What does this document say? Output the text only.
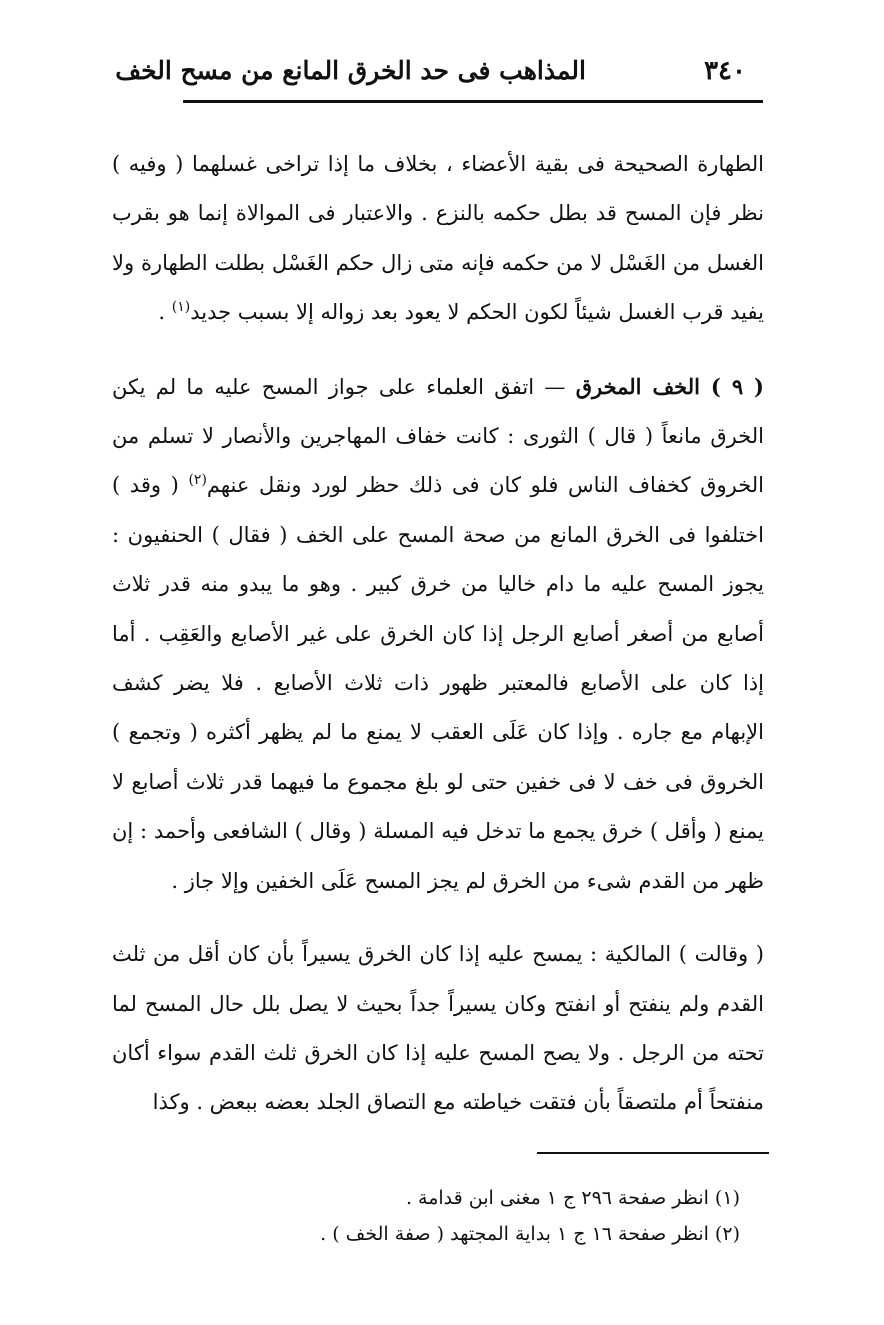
٣٤٠
المذاهب فى حد الخرق المانع من مسح الخف

الطهارة الصحيحة فى بقية الأعضاء ، بخلاف ما إذا تراخى غسلهما ( وفيه ) نظر فإن المسح قد بطل حكمه بالنزع . والاعتبار فى الموالاة إنما هو بقرب الغسل من الغَسْل لا من حكمه فإنه متى زال حكم الغَسْل بطلت الطهارة ولا يفيد قرب الغسل شيئاً لكون الحكم لا يعود بعد زواله إلا بسبب جديد$^{(١)}$ .

( ٩ ) الخف المخرق — اتفق العلماء على جواز المسح عليه ما لم يكن الخرق مانعاً ( قال ) الثورى : كانت خفاف المهاجرين والأنصار لا تسلم من الخروق كخفاف الناس فلو كان فى ذلك حظر لورد ونقل عنهم$^{(٢)}$ ( وقد ) اختلفوا فى الخرق المانع من صحة المسح على الخف ( فقال ) الحنفيون : يجوز المسح عليه ما دام خاليا من خرق كبير . وهو ما يبدو منه قدر ثلاث أصابع من أصغر أصابع الرجل إذا كان الخرق على غير الأصابع والعَقِب . أما إذا كان على الأصابع فالمعتبر ظهور ذات ثلاث الأصابع . فلا يضر كشف الإبهام مع جاره . وإذا كان عَلَى العقب لا يمنع ما لم يظهر أكثره ( وتجمع ) الخروق فى خف لا فى خفين حتى لو بلغ مجموع ما فيهما قدر ثلاث أصابع لا يمنع ( وأقل ) خرق يجمع ما تدخل فيه المسلة ( وقال ) الشافعى وأحمد : إن ظهر من القدم شىء من الخرق لم يجز المسح عَلَى الخفين وإلا جاز .

( وقالت ) المالكية : يمسح عليه إذا كان الخرق يسيراً بأن كان أقل من ثلث القدم ولم ينفتح أو انفتح وكان يسيراً جداً بحيث لا يصل بلل حال المسح لما تحته من الرجل . ولا يصح المسح عليه إذا كان الخرق ثلث القدم سواء أكان منفتحاً أم ملتصقاً بأن فتقت خياطته مع التصاق الجلد بعضه ببعض . وكذا

(١) انظر صفحة ٢٩٦ ج ١ مغنى ابن قدامة .
(٢) انظر صفحة ١٦ ج ١ بداية المجتهد ( صفة الخف ) .
